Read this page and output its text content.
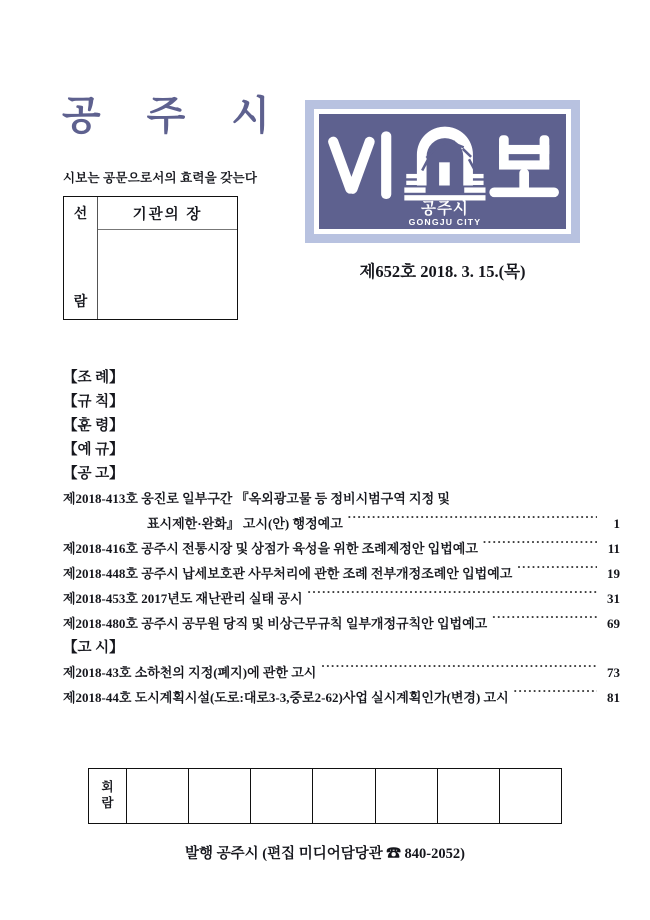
공 주 시
시보는 공문으로서의 효력을 갖는다
선
람
기관의 장	공주시
GONGJU CITY
제652호 2018. 3. 15.(목)
【조 례】
【규 칙】
【훈 령】
【예 규】
【공 고】
제2018-413호 웅진로 일부구간 『옥외광고물 등 정비시범구역 지정 및
표시제한·완화』 고시(안) 행정예고 .....	1
제2018-416호 공주시 전통시장 및 상점가 육성을 위한 조례제정안 입법예고 .....	11
제2018-448호 공주시 납세보호관 사무처리에 관한 조례 전부개정조례안 입법예고 .....	19
제2018-453호 2017년도 재난관리 실태 공시 .....	31
제2018-480호 공주시 공무원 당직 및 비상근무규칙 일부개정규칙안 입법예고 .....	69
【고 시】
제2018-43호 소하천의 지정(폐지)에 관한 고시 .....	73
제2018-44호 도시계획시설(도로:대로3-3,중로2-62)사업 실시계획인가(변경) 고시 .....	81
회
람
발행 공주시 (편집 미디어담당관 ☎ 840-2052)
